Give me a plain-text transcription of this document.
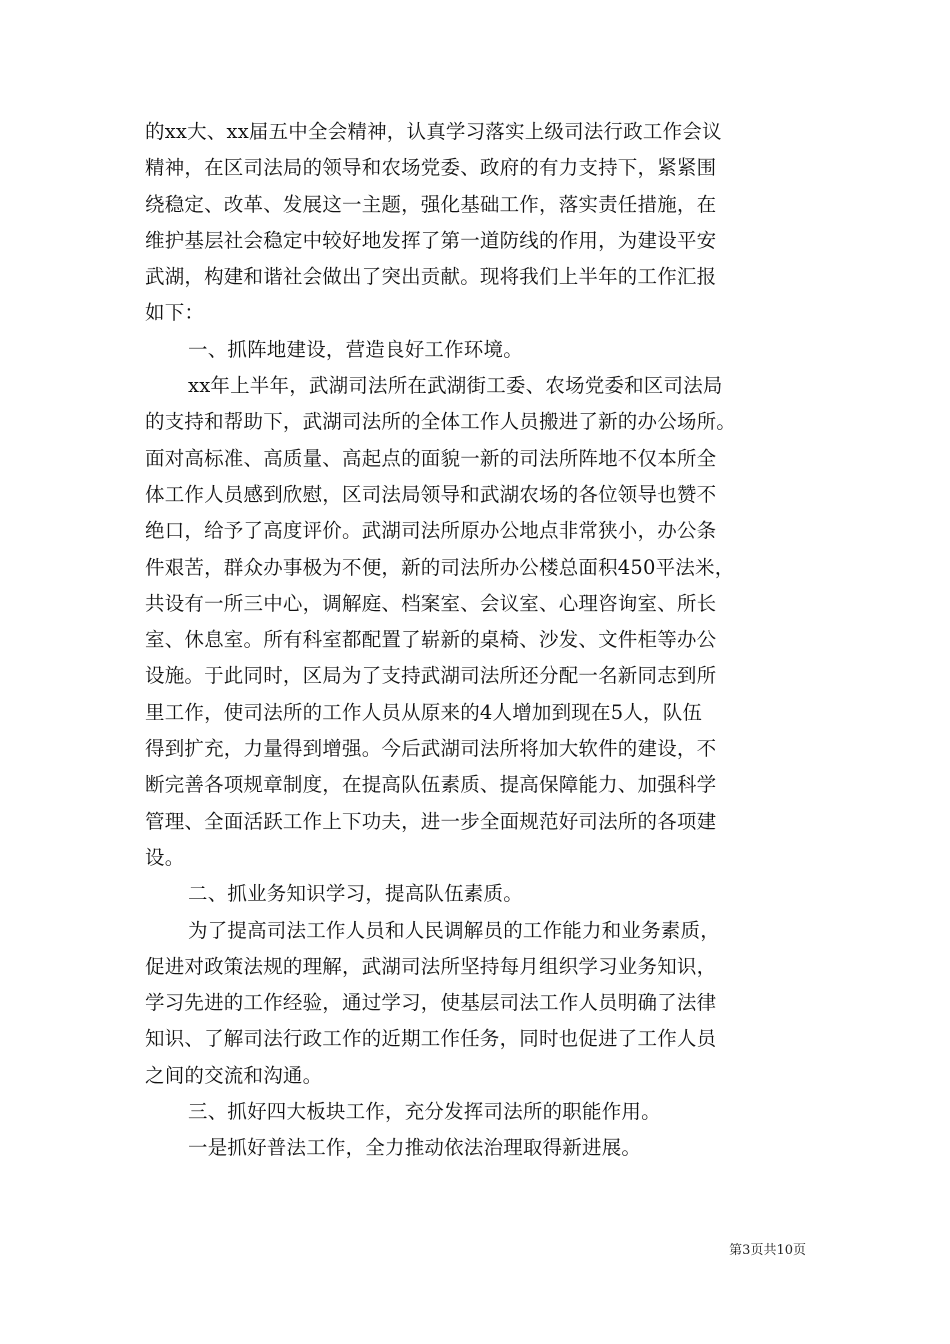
的xx大、xx届五中全会精神，认真学习落实上级司法行政工作会议
精神，在区司法局的领导和农场党委、政府的有力支持下，紧紧围
绕稳定、改革、发展这一主题，强化基础工作，落实责任措施，在
维护基层社会稳定中较好地发挥了第一道防线的作用，为建设平安
武湖，构建和谐社会做出了突出贡献。现将我们上半年的工作汇报
如下：
一、抓阵地建设，营造良好工作环境。
xx年上半年，武湖司法所在武湖街工委、农场党委和区司法局
的支持和帮助下，武湖司法所的全体工作人员搬进了新的办公场所。
面对高标准、高质量、高起点的面貌一新的司法所阵地不仅本所全
体工作人员感到欣慰，区司法局领导和武湖农场的各位领导也赞不
绝口，给予了高度评价。武湖司法所原办公地点非常狭小，办公条
件艰苦，群众办事极为不便，新的司法所办公楼总面积450平法米，
共设有一所三中心，调解庭、档案室、会议室、心理咨询室、所长
室、休息室。所有科室都配置了崭新的桌椅、沙发、文件柜等办公
设施。于此同时，区局为了支持武湖司法所还分配一名新同志到所
里工作，使司法所的工作人员从原来的4人增加到现在5人，队伍
得到扩充，力量得到增强。今后武湖司法所将加大软件的建设，不
断完善各项规章制度，在提高队伍素质、提高保障能力、加强科学
管理、全面活跃工作上下功夫，进一步全面规范好司法所的各项建
设。
二、抓业务知识学习，提高队伍素质。
为了提高司法工作人员和人民调解员的工作能力和业务素质，
促进对政策法规的理解，武湖司法所坚持每月组织学习业务知识，
学习先进的工作经验，通过学习，使基层司法工作人员明确了法律
知识、了解司法行政工作的近期工作任务，同时也促进了工作人员
之间的交流和沟通。
三、抓好四大板块工作，充分发挥司法所的职能作用。
一是抓好普法工作，全力推动依法治理取得新进展。
第3页共10页
